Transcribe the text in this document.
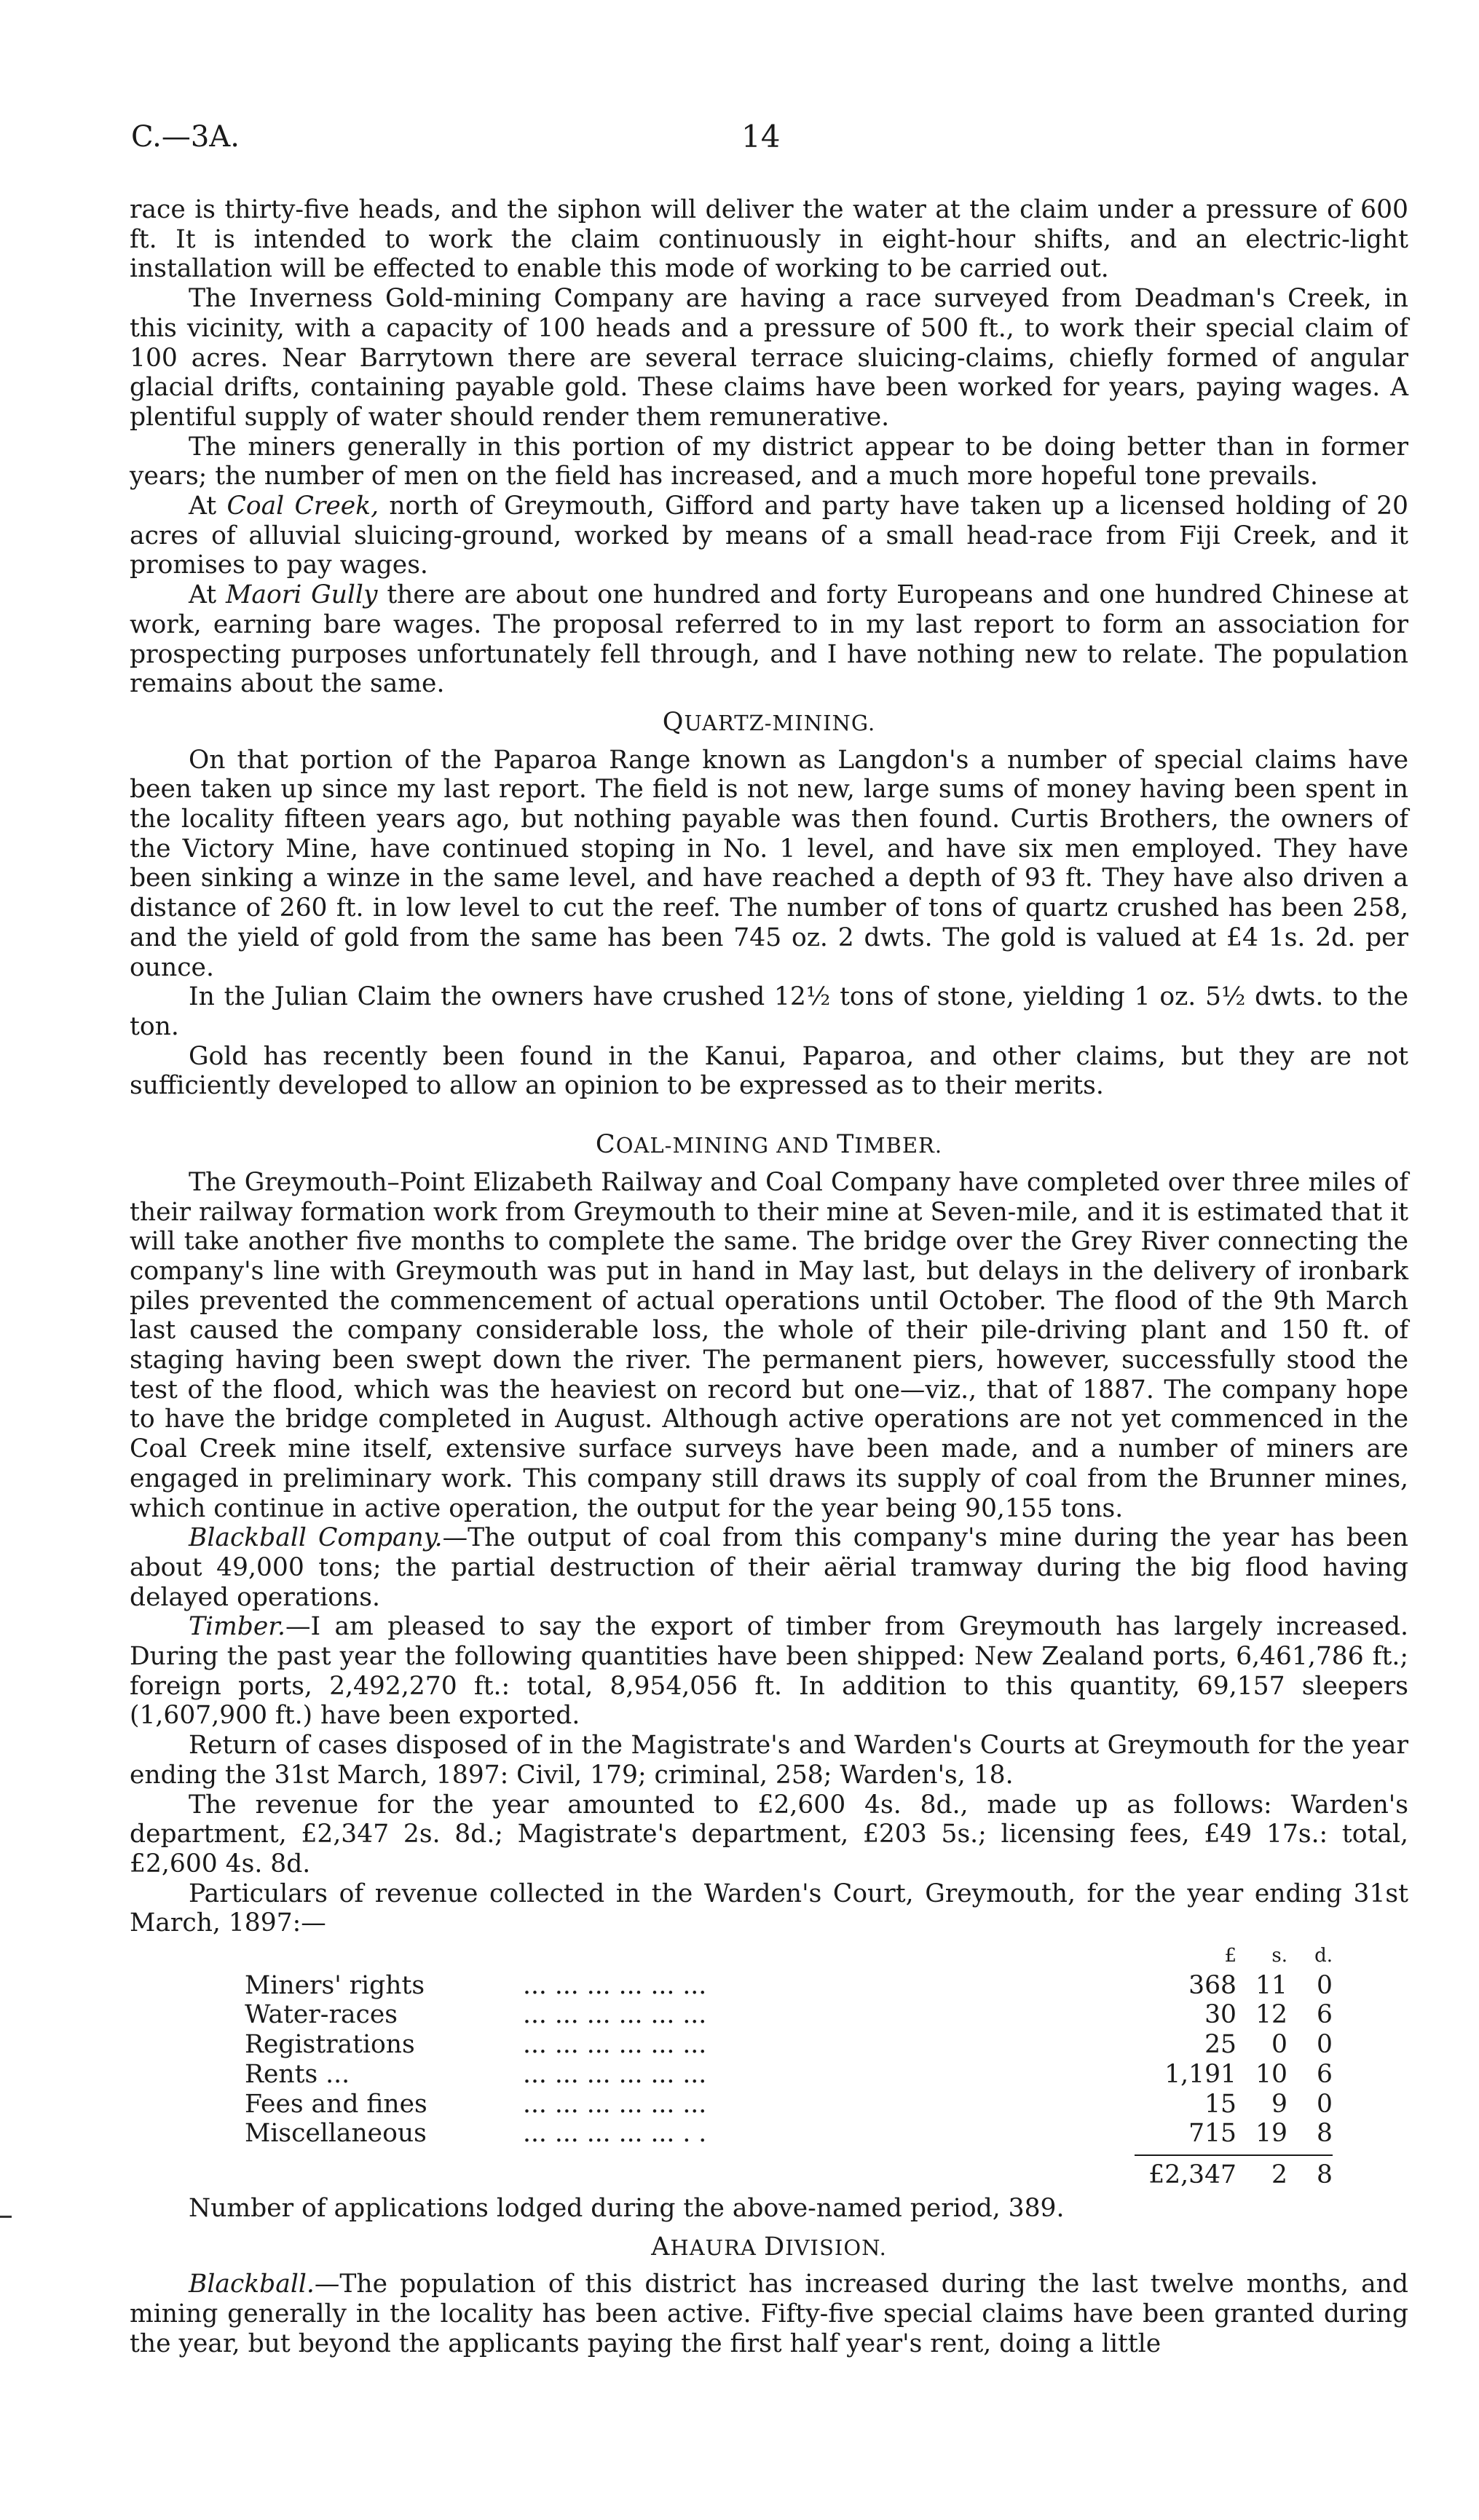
C.—3A.	14

race is thirty-five heads, and the siphon will deliver the water at the claim under a pressure of 600 ft. It is intended to work the claim continuously in eight-hour shifts, and an electric-light installation will be effected to enable this mode of working to be carried out.

The Inverness Gold-mining Company are having a race surveyed from Deadman's Creek, in this vicinity, with a capacity of 100 heads and a pressure of 500 ft., to work their special claim of 100 acres. Near Barrytown there are several terrace sluicing-claims, chiefly formed of angular glacial drifts, containing payable gold. These claims have been worked for years, paying wages. A plentiful supply of water should render them remunerative.

The miners generally in this portion of my district appear to be doing better than in former years; the number of men on the field has increased, and a much more hopeful tone prevails.

At Coal Creek, north of Greymouth, Gifford and party have taken up a licensed holding of 20 acres of alluvial sluicing-ground, worked by means of a small head-race from Fiji Creek, and it promises to pay wages.

At Maori Gully there are about one hundred and forty Europeans and one hundred Chinese at work, earning bare wages. The proposal referred to in my last report to form an association for prospecting purposes unfortunately fell through, and I have nothing new to relate. The population remains about the same.

QUARTZ-MINING.

On that portion of the Paparoa Range known as Langdon's a number of special claims have been taken up since my last report. The field is not new, large sums of money having been spent in the locality fifteen years ago, but nothing payable was then found. Curtis Brothers, the owners of the Victory Mine, have continued stoping in No. 1 level, and have six men employed. They have been sinking a winze in the same level, and have reached a depth of 93 ft. They have also driven a distance of 260 ft. in low level to cut the reef. The number of tons of quartz crushed has been 258, and the yield of gold from the same has been 745 oz. 2 dwts. The gold is valued at £4 1s. 2d. per ounce.

In the Julian Claim the owners have crushed 12½ tons of stone, yielding 1 oz. 5½ dwts. to the ton.

Gold has recently been found in the Kanui, Paparoa, and other claims, but they are not sufficiently developed to allow an opinion to be expressed as to their merits.

COAL-MINING AND TIMBER.

The Greymouth–Point Elizabeth Railway and Coal Company have completed over three miles of their railway formation work from Greymouth to their mine at Seven-mile, and it is estimated that it will take another five months to complete the same. The bridge over the Grey River connecting the company's line with Greymouth was put in hand in May last, but delays in the delivery of ironbark piles prevented the commencement of actual operations until October. The flood of the 9th March last caused the company considerable loss, the whole of their pile-driving plant and 150 ft. of staging having been swept down the river. The permanent piers, however, successfully stood the test of the flood, which was the heaviest on record but one—viz., that of 1887. The company hope to have the bridge completed in August. Although active operations are not yet commenced in the Coal Creek mine itself, extensive surface surveys have been made, and a number of miners are engaged in preliminary work. This company still draws its supply of coal from the Brunner mines, which continue in active operation, the output for the year being 90,155 tons.

Blackball Company.—The output of coal from this company's mine during the year has been about 49,000 tons; the partial destruction of their aërial tramway during the big flood having delayed operations.

Timber.—I am pleased to say the export of timber from Greymouth has largely increased. During the past year the following quantities have been shipped: New Zealand ports, 6,461,786 ft.; foreign ports, 2,492,270 ft.: total, 8,954,056 ft. In addition to this quantity, 69,157 sleepers (1,607,900 ft.) have been exported.

Return of cases disposed of in the Magistrate's and Warden's Courts at Greymouth for the year ending the 31st March, 1897: Civil, 179; criminal, 258; Warden's, 18.

The revenue for the year amounted to £2,600 4s. 8d., made up as follows: Warden's department, £2,347 2s. 8d.; Magistrate's department, £203 5s.; licensing fees, £49 17s.: total, £2,600 4s. 8d.

Particulars of revenue collected in the Warden's Court, Greymouth, for the year ending 31st March, 1897:—

		£	s.	d.
Miners' rights	... ... ... ... ... ...	368	11	0
Water-races	... ... ... ... ... ...	30	12	6
Registrations	... ... ... ... ... ...	25	0	0
Rents ...	... ... ... ... ... ...	1,191	10	6
Fees and fines	... ... ... ... ... ...	15	9	0
Miscellaneous	... ... ... ... ... . .	715	19	8

		£2,347	2	8

Number of applications lodged during the above-named period, 389.

AHAURA DIVISION.

Blackball.—The population of this district has increased during the last twelve months, and mining generally in the locality has been active. Fifty-five special claims have been granted during the year, but beyond the applicants paying the first half year's rent, doing a little
